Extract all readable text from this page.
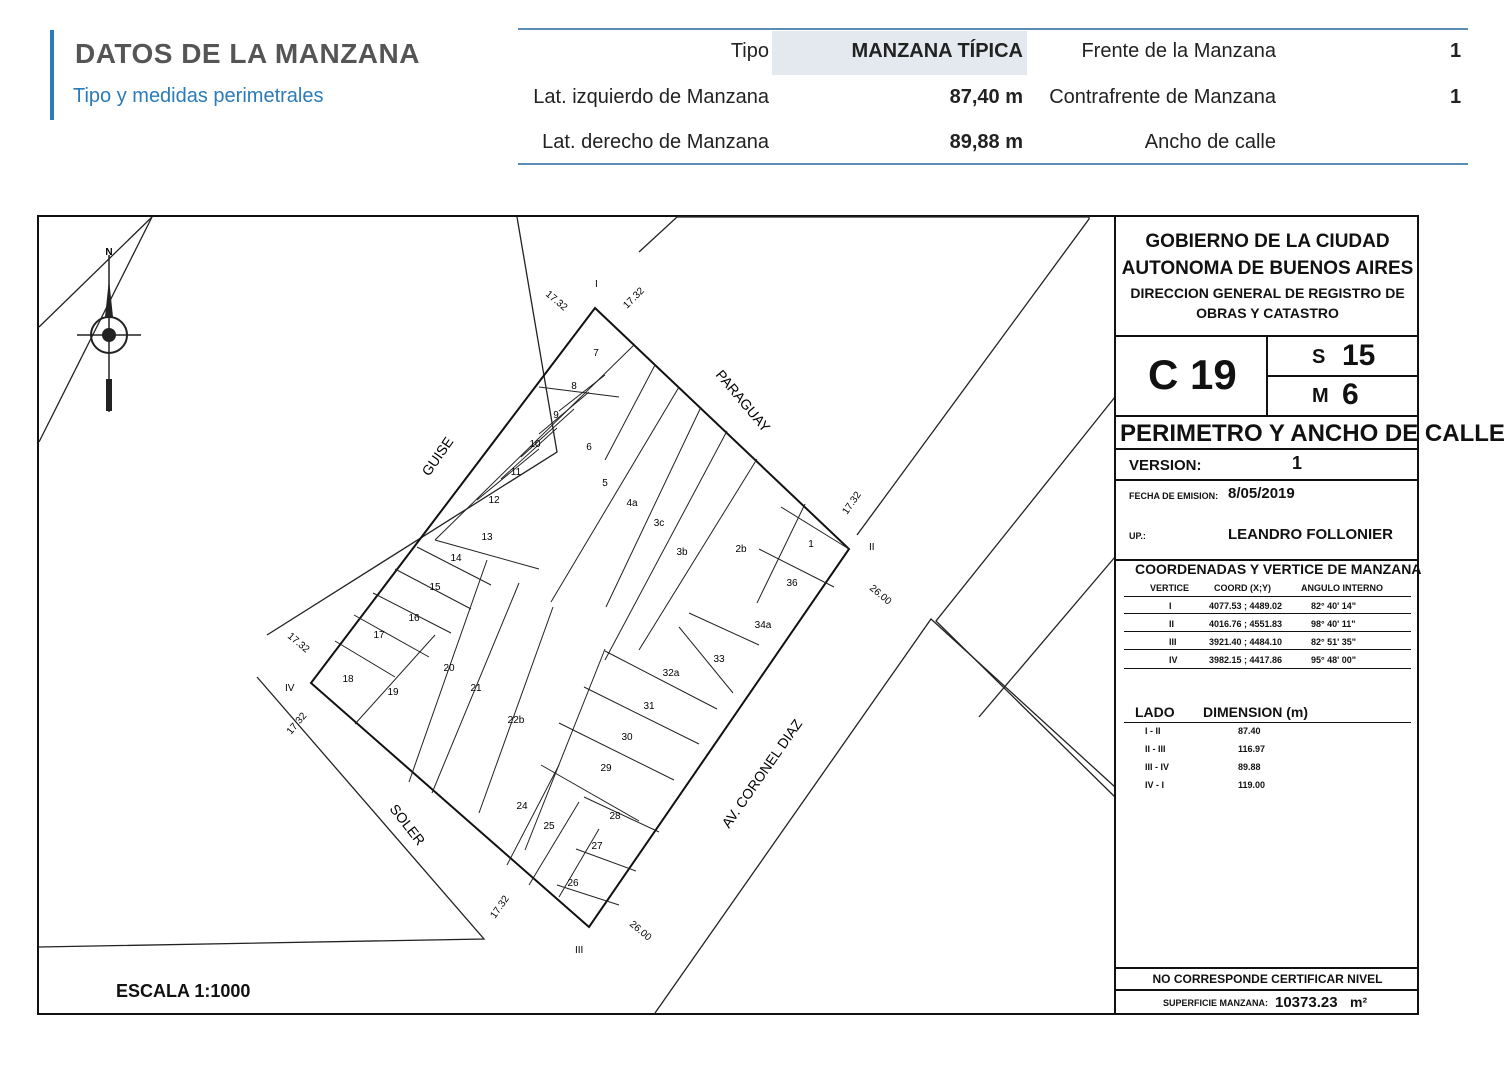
DATOS DE LA MANZANA
Tipo y medidas perimetrales
Tipo	MANZANA TÍPICA	Frente de la Manzana	1
Lat. izquierdo de Manzana	87,40 m Contrafrente de Manzana	1
Lat. derecho de Manzana	89,88 m	Ancho de calle
N
GUISE
PARAGUAY
SOLER	AV. CORONEL DIAZ
I
II
III
IV
17.32	17.32
17.32
17.32
17.32
17.32
26.00
26.00
7
8
9
10
11
12
13
14
15
16
17
18
19
20
21
22b
6
5
4a
3c
3b	2b	1
36
34a
33
32a
31
30
29
24
25
28
27
26
ESCALA 1:1000
GOBIERNO DE LA CIUDAD
AUTONOMA DE BUENOS AIRES
DIRECCION GENERAL DE REGISTRO DE
OBRAS Y CATASTRO
C 19	S 15
M 6
PERIMETRO Y ANCHO DE CALLE
VERSION:	1
FECHA DE EMISION: 8/05/2019
UP.:	LEANDRO FOLLONIER
COORDENADAS Y VERTICE DE MANZANA
VERTICE	COORD (X;Y)	ANGULO INTERNO
I	4077.53 ; 4489.02	82° 40' 14"
II	4016.76 ; 4551.83	98° 40' 11"
III	3921.40 ; 4484.10	82° 51' 35"
IV	3982.15 ; 4417.86	95° 48' 00"
LADO DIMENSION (m)
I - II	87.40
II - III	116.97
III - IV	89.88
IV - I	119.00
NO CORRESPONDE CERTIFICAR NIVEL
SUPERFICIE MANZANA: 10373.23 m²
